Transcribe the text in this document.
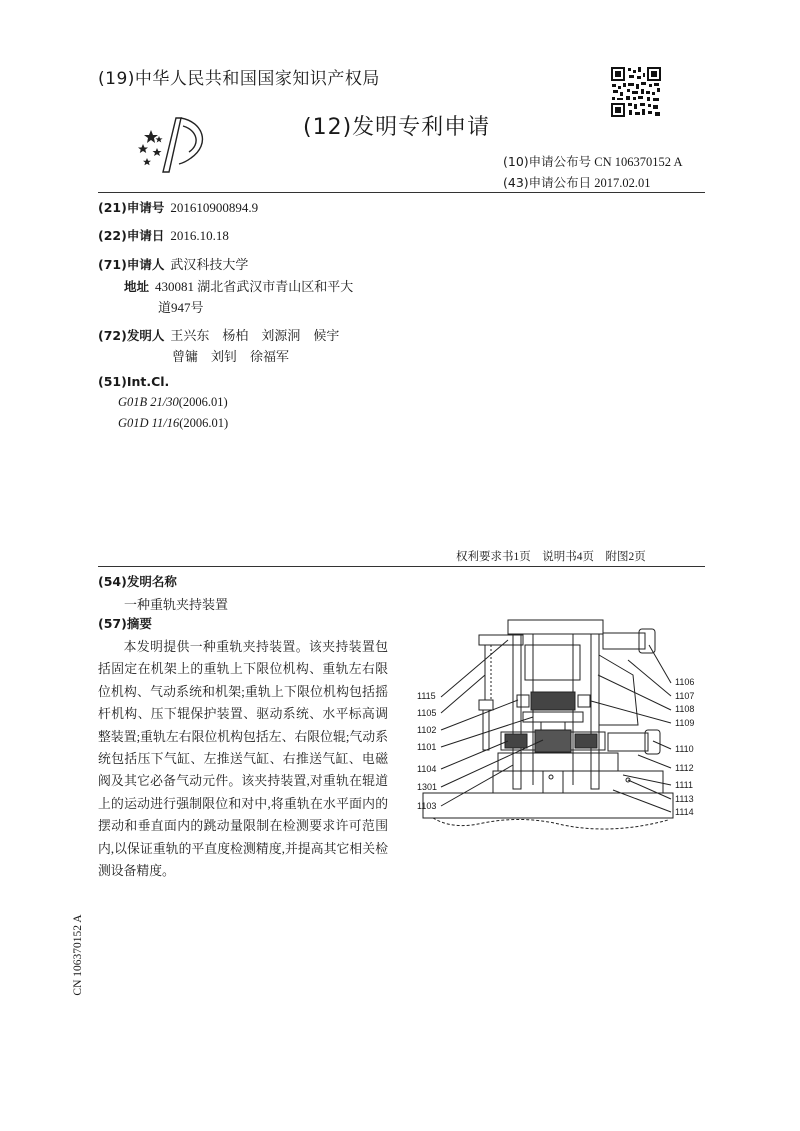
(19)中华人民共和国国家知识产权局
(12)发明专利申请
(10)申请公布号 CN 106370152 A
(43)申请公布日 2017.02.01
(21)申请号 201610900894.9
(22)申请日 2016.10.18
(71)申请人 武汉科技大学
地址 430081 湖北省武汉市青山区和平大
道947号
(72)发明人 王兴东　杨柏　刘源泂　候宇
曾镛　刘钊　徐福军
(51)Int.Cl.
G01B 21/30(2006.01)
G01D 11/16(2006.01)
权利要求书1页　说明书4页　附图2页
(54)发明名称
一种重轨夹持装置
(57)摘要
本发明提供一种重轨夹持装置。该夹持装置包括固定在机架上的重轨上下限位机构、重轨左右限位机构、气动系统和机架;重轨上下限位机构包括摇杆机构、压下辊保护装置、驱动系统、水平标高调整装置;重轨左右限位机构包括左、右限位辊;气动系统包括压下气缸、左推送气缸、右推送气缸、电磁阀及其它必备气动元件。该夹持装置,对重轨在辊道上的运动进行强制限位和对中,将重轨在水平面内的摆动和垂直面内的跳动量限制在检测要求许可范围内,以保证重轨的平直度检测精度,并提高其它相关检测设备精度。
CN 106370152 A
1115
1105
1102
1101
1104
1301
1103
1106
1107
1108
1109
1110
1112
1111
1113
1114
